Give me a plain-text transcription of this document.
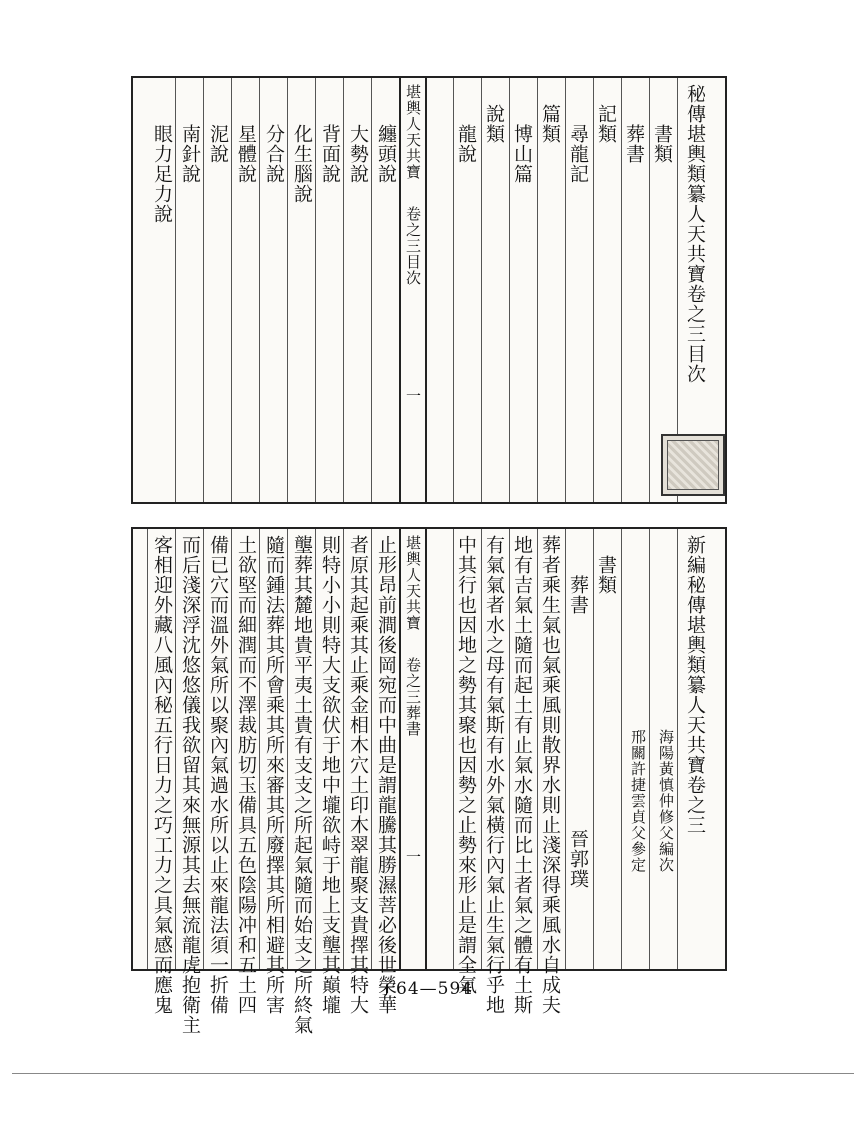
秘傳堪輿類纂人天共寶卷之三目次
書類
葬書
記類
尋龍記
篇類
博山篇
說類
龍說
堪輿人天共寶
卷之三目次
一
纏頭說
大勢說
背面說
化生腦說
分合說
星體說
泥說
南針說
眼力足力說
新編秘傳堪輿類纂人天共寶卷之三
海陽黃慎仲修父編次
邢關許捷雲貞父參定
書類
葬書
晉郭璞
葬者乘生氣也氣乘風則散界水則止淺深得乘風水自成夫
地有吉氣土隨而起土有止氣水隨而比土者氣之體有土斯
有氣氣者水之母有氣斯有水外氣橫行內氣止生氣行乎地
中其行也因地之勢其聚也因勢之止勢來形止是謂全氣
堪輿人天共寶
卷之三葬書
一
止形昂前澗後岡宛而中曲是謂龍騰其勝濕菩必後世榮華
者原其起乘其止乘金相木穴土印木翠龍聚支貴擇其特大
則特小小則特大支欲伏于地中壠欲峙于地上支壟其巔壠
壟葬其麓地貴平夷土貴有支支之所起氣隨而始支之所終氣
隨而鍾法葬其所會乘其所來審其所廢擇其所相避其所害
土欲堅而細潤而不澤裁肪切玉備具五色陰陽冲和五土四
備已穴而溫外氣所以聚內氣過水所以止來龍法須一折備
而后淺深浮沈悠悠儀我欲留其來無源其去無流龍虎抱衛主
客相迎外藏八風內秘五行日力之巧工力之具氣感而應鬼	子64—594
